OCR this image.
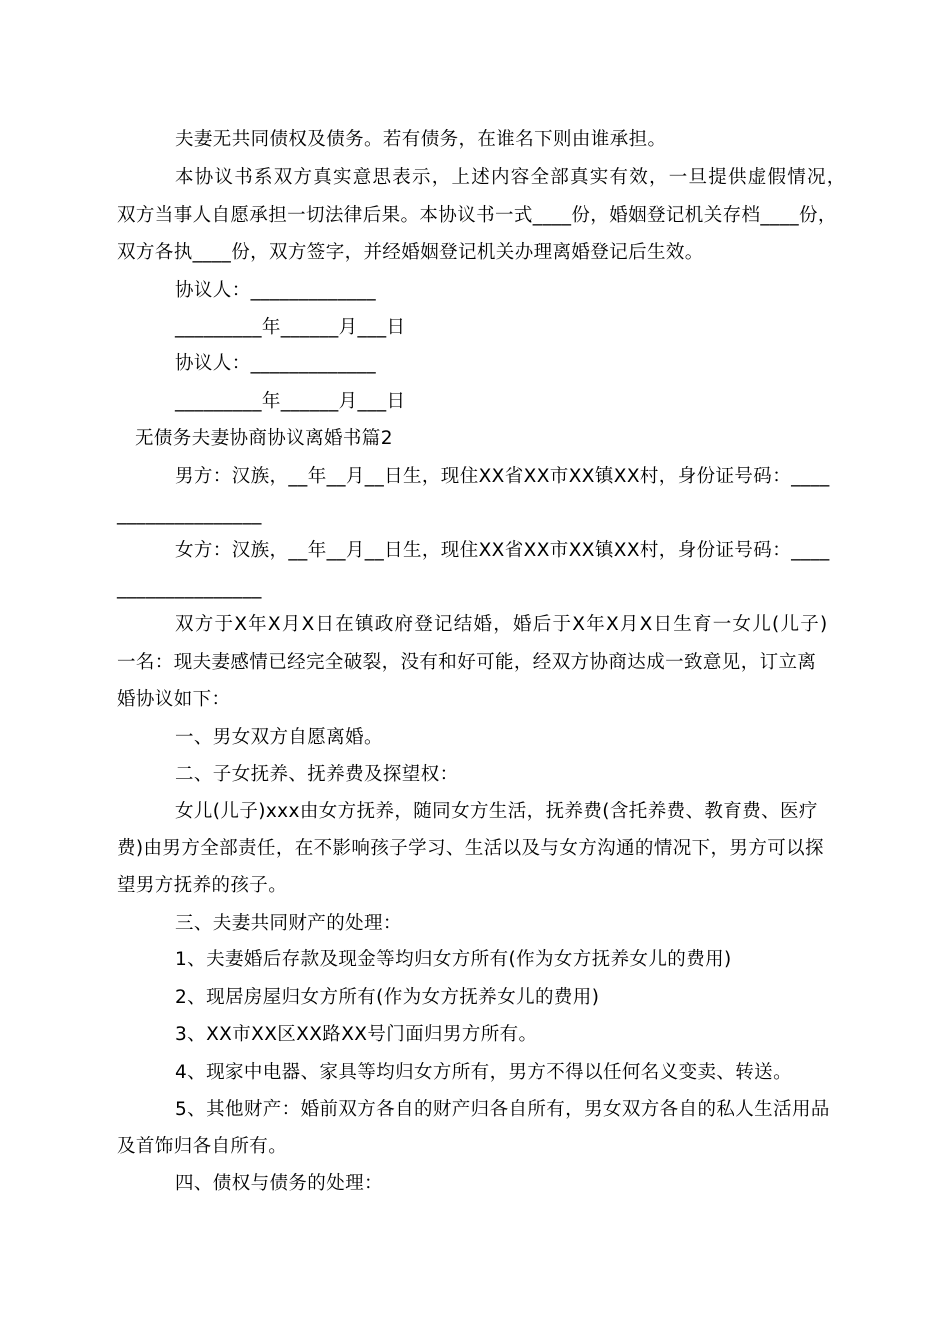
夫妻无共同债权及债务。若有债务，在谁名下则由谁承担。
本协议书系双方真实意思表示，上述内容全部真实有效，一旦提供虚假情况，
双方当事人自愿承担一切法律后果。本协议书一式____份，婚姻登记机关存档____份，
双方各执____份，双方签字，并经婚姻登记机关办理离婚登记后生效。
协议人：_____________
_________年______月___日
协议人：_____________
_________年______月___日
无债务夫妻协商协议离婚书篇2
男方：汉族，__年__月__日生，现住XX省XX市XX镇XX村，身份证号码：____
_______________
女方：汉族，__年__月__日生，现住XX省XX市XX镇XX村，身份证号码：____
_______________
双方于X年X月X日在镇政府登记结婚，婚后于X年X月X日生育一女儿(儿子)
一名：现夫妻感情已经完全破裂，没有和好可能，经双方协商达成一致意见，订立离
婚协议如下：
一、男女双方自愿离婚。
二、子女抚养、抚养费及探望权：
女儿(儿子)xxx由女方抚养，随同女方生活，抚养费(含托养费、教育费、医疗
费)由男方全部责任，在不影响孩子学习、生活以及与女方沟通的情况下，男方可以探
望男方抚养的孩子。
三、夫妻共同财产的处理：
1、夫妻婚后存款及现金等均归女方所有(作为女方抚养女儿的费用)
2、现居房屋归女方所有(作为女方抚养女儿的费用)
3、XX市XX区XX路XX号门面归男方所有。
4、现家中电器、家具等均归女方所有，男方不得以任何名义变卖、转送。
5、其他财产：婚前双方各自的财产归各自所有，男女双方各自的私人生活用品
及首饰归各自所有。
四、债权与债务的处理：
